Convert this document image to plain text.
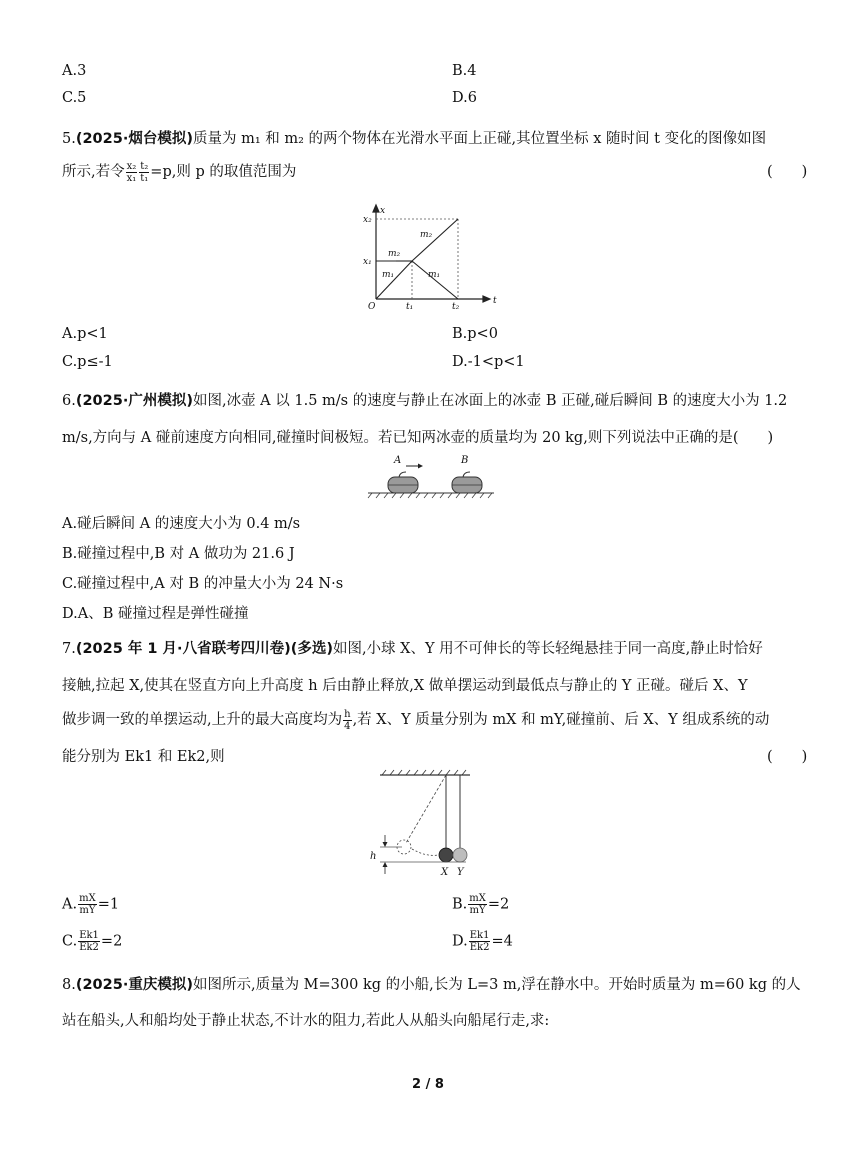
A.3	B.4
C.5	D.6
5.(2025·烟台模拟)质量为 m₁ 和 m₂ 的两个物体在光滑水平面上正碰,其位置坐标 x 随时间 t 变化的图像如图
所示,若令 $\frac{\text{x₂}}{\text{x₁}} \frac{\text{t₂}}{\text{t₁}} =p$,则 p 的取值范围为	(　　)
x
t
O	t₁	t₂
x₁
x₂
m₂
m₂
m₁	m₁
A.p<1	B.p<0
C.p≤-1	D.-1<p<1
6.(2025·广州模拟)如图,冰壶 A 以 1.5 m/s 的速度与静止在冰面上的冰壶 B 正碰,碰后瞬间 B 的速度大小为 1.2
m/s,方向与 A 碰前速度方向相同,碰撞时间极短。若已知两冰壶的质量均为 20 kg,则下列说法中正确的是(　　)
A	B
A.碰后瞬间 A 的速度大小为 0.4 m/s
B.碰撞过程中,B 对 A 做功为 21.6 J
C.碰撞过程中,A 对 B 的冲量大小为 24 N·s
D.A、B 碰撞过程是弹性碰撞
7.(2025 年 1 月·八省联考四川卷)(多选)如图,小球 X、Y 用不可伸长的等长轻绳悬挂于同一高度,静止时恰好
接触,拉起 X,使其在竖直方向上升高度 h 后由静止释放,X 做单摆运动到最低点与静止的 Y 正碰。碰后 X、Y
做步调一致的单摆运动,上升的最大高度均为 $\frac{h}{4}$ ,若 X、Y 质量分别为 mX 和 mY,碰撞前、后 X、Y 组成系统的动
能分别为 Ek1 和 Ek2,则	(　　)
h
X Y
A. $\frac{mX}{mY} =1$	B. $\frac{mX}{mY} =2$
C. $\frac{Ek1}{Ek2} =2$	D. $\frac{Ek1}{Ek2} =4$
8.(2025·重庆模拟)如图所示,质量为 M=300 kg 的小船,长为 L=3 m,浮在静水中。开始时质量为 m=60 kg 的人
站在船头,人和船均处于静止状态,不计水的阻力,若此人从船头向船尾行走,求:
2 / 8
